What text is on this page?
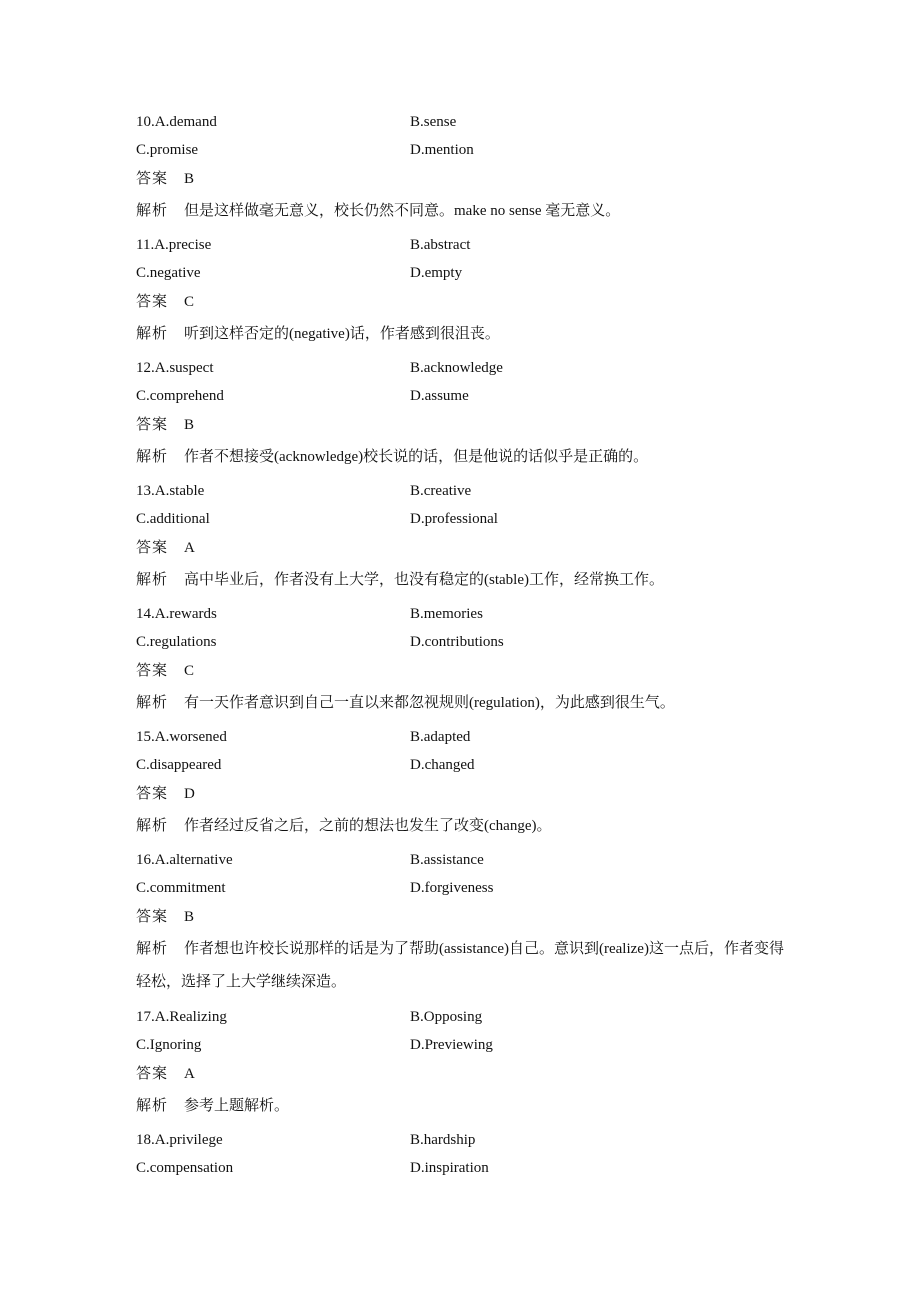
10.A.demand	B.sense
C.promise	D.mention
答案 B
解析 但是这样做毫无意义，校长仍然不同意。make no sense 毫无意义。
11.A.precise	B.abstract
C.negative	D.empty
答案 C
解析 听到这样否定的(negative)话，作者感到很沮丧。
12.A.suspect	B.acknowledge
C.comprehend	D.assume
答案 B
解析 作者不想接受(acknowledge)校长说的话，但是他说的话似乎是正确的。
13.A.stable	B.creative
C.additional	D.professional
答案 A
解析 高中毕业后，作者没有上大学，也没有稳定的(stable)工作，经常换工作。
14.A.rewards	B.memories
C.regulations	D.contributions
答案 C
解析 有一天作者意识到自己一直以来都忽视规则(regulation)，为此感到很生气。
15.A.worsened	B.adapted
C.disappeared	D.changed
答案 D
解析 作者经过反省之后，之前的想法也发生了改变(change)。
16.A.alternative	B.assistance
C.commitment	D.forgiveness
答案 B
解析 作者想也许校长说那样的话是为了帮助(assistance)自己。意识到(realize)这一点后，作者变得轻松，选择了上大学继续深造。
17.A.Realizing	B.Opposing
C.Ignoring	D.Previewing
答案 A
解析 参考上题解析。
18.A.privilege	B.hardship
C.compensation	D.inspiration
